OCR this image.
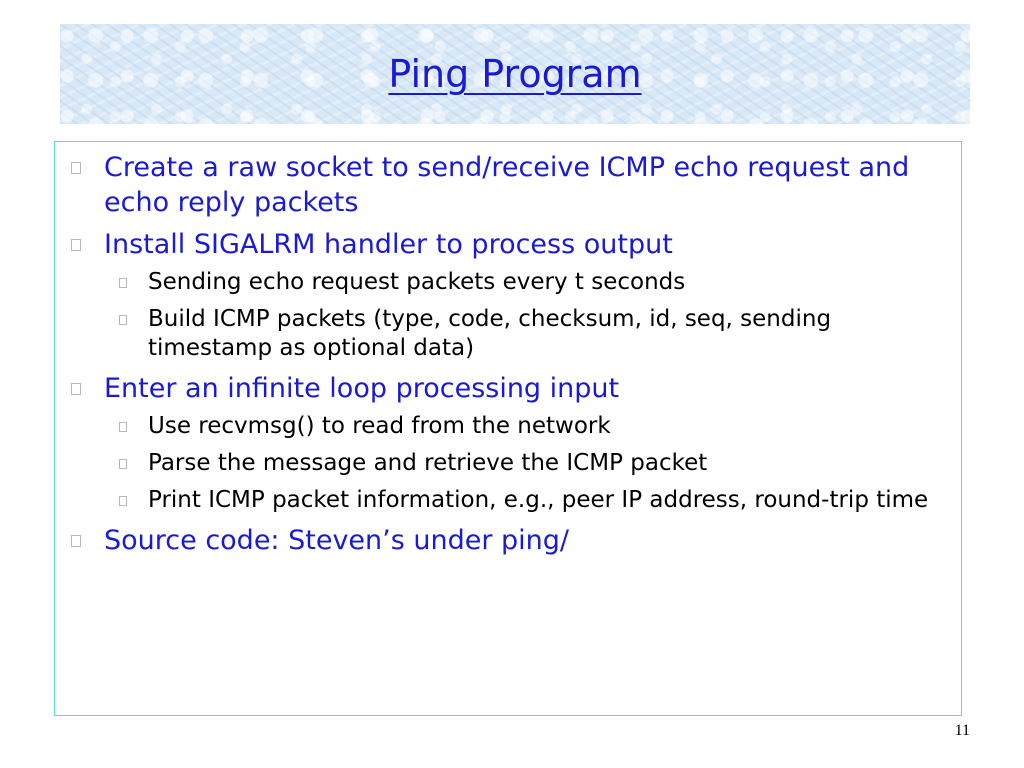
Ping Program
Create a raw socket to send/receive ICMP echo request and echo reply packets
Install SIGALRM handler to process output
Sending echo request packets every t seconds
Build ICMP packets (type, code, checksum, id, seq, sending timestamp as optional data)
Enter an infinite loop processing input
Use recvmsg() to read from the network
Parse the message and retrieve the ICMP packet
Print ICMP packet information, e.g., peer IP address, round-trip time
Source code: Steven’s under ping/
11
